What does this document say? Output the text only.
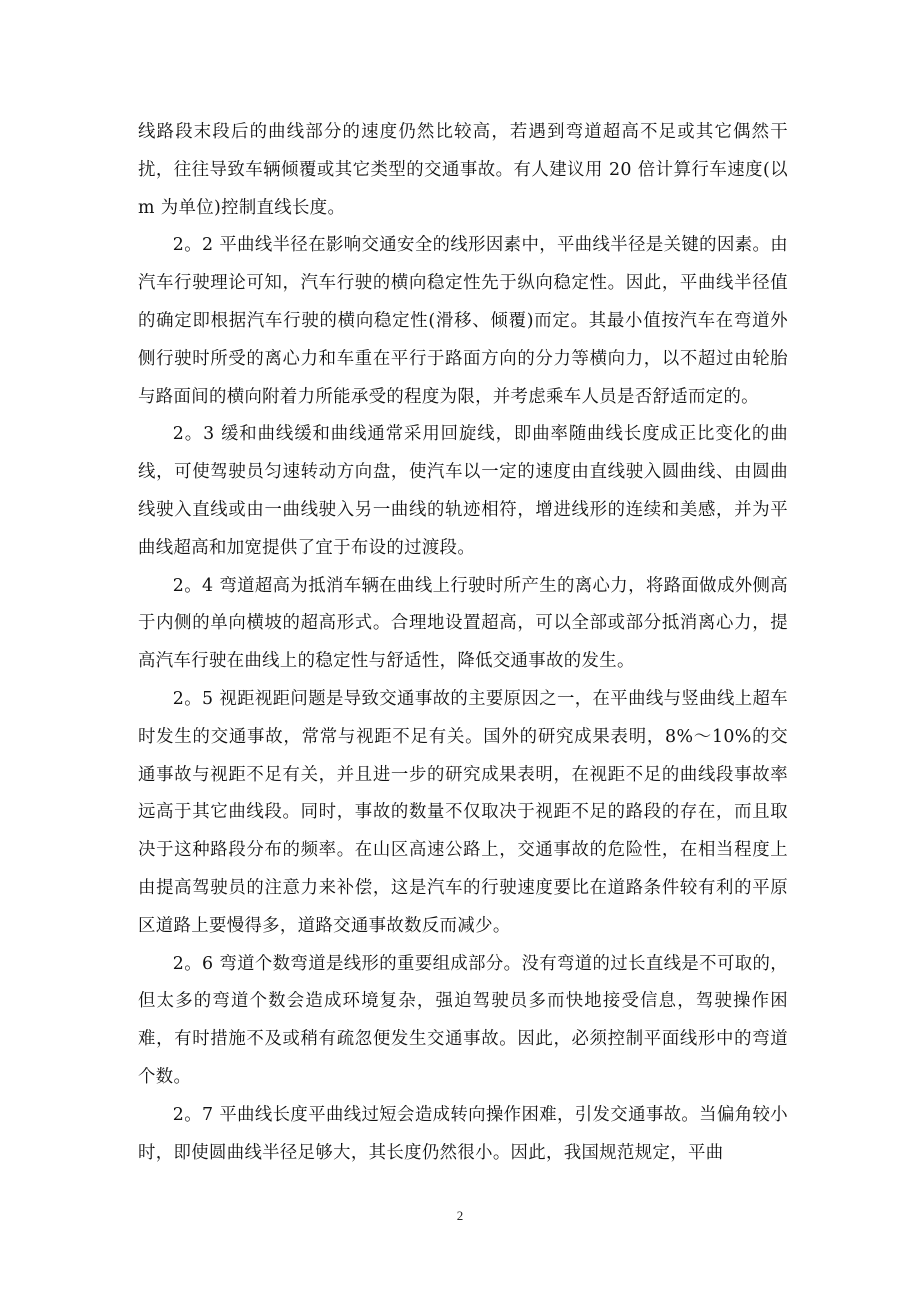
线路段末段后的曲线部分的速度仍然比较高，若遇到弯道超高不足或其它偶然干扰，往往导致车辆倾覆或其它类型的交通事故。有人建议用 20 倍计算行车速度(以 m 为单位)控制直线长度。

2。2 平曲线半径在影响交通安全的线形因素中，平曲线半径是关键的因素。由汽车行驶理论可知，汽车行驶的横向稳定性先于纵向稳定性。因此，平曲线半径值的确定即根据汽车行驶的横向稳定性(滑移、倾覆)而定。其最小值按汽车在弯道外侧行驶时所受的离心力和车重在平行于路面方向的分力等横向力，以不超过由轮胎与路面间的横向附着力所能承受的程度为限，并考虑乘车人员是否舒适而定的。

2。3 缓和曲线缓和曲线通常采用回旋线，即曲率随曲线长度成正比变化的曲线，可使驾驶员匀速转动方向盘，使汽车以一定的速度由直线驶入圆曲线、由圆曲线驶入直线或由一曲线驶入另一曲线的轨迹相符，增进线形的连续和美感，并为平曲线超高和加宽提供了宜于布设的过渡段。

2。4 弯道超高为抵消车辆在曲线上行驶时所产生的离心力，将路面做成外侧高于内侧的单向横坡的超高形式。合理地设置超高，可以全部或部分抵消离心力，提高汽车行驶在曲线上的稳定性与舒适性，降低交通事故的发生。

2。5 视距视距问题是导致交通事故的主要原因之一，在平曲线与竖曲线上超车时发生的交通事故，常常与视距不足有关。国外的研究成果表明，8%～10%的交通事故与视距不足有关，并且进一步的研究成果表明，在视距不足的曲线段事故率远高于其它曲线段。同时，事故的数量不仅取决于视距不足的路段的存在，而且取决于这种路段分布的频率。在山区高速公路上，交通事故的危险性，在相当程度上由提高驾驶员的注意力来补偿，这是汽车的行驶速度要比在道路条件较有利的平原区道路上要慢得多，道路交通事故数反而减少。

2。6 弯道个数弯道是线形的重要组成部分。没有弯道的过长直线是不可取的，但太多的弯道个数会造成环境复杂，强迫驾驶员多而快地接受信息，驾驶操作困难，有时措施不及或稍有疏忽便发生交通事故。因此，必须控制平面线形中的弯道个数。

2。7 平曲线长度平曲线过短会造成转向操作困难，引发交通事故。当偏角较小时，即使圆曲线半径足够大，其长度仍然很小。因此，我国规范规定，平曲

2
